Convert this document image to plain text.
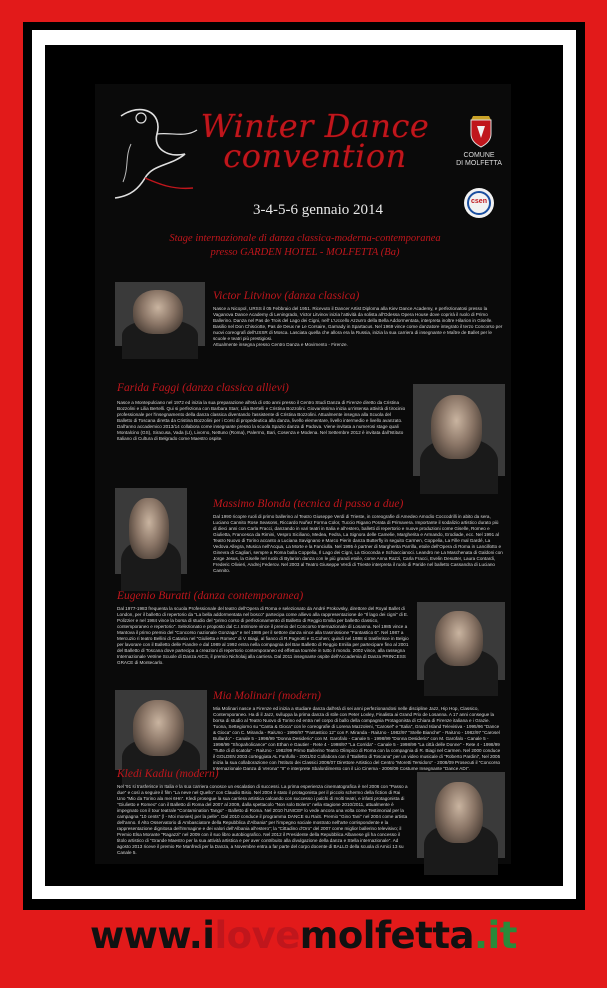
Winter Dance
convention	COMUNE
DI MOLFETTA
3-4-5-6 gennaio 2014
csen
Stage internazionale di danza classica-moderna-contemporanea
presso GARDEN HOTEL - MOLFETTA (Ba)
Victor Litvinov (danza classica)
Nasce a Nicopol, URSS il 05 Febbraio del 1951. Ricevuto il Dancer Artist Diploma alla Kiev Dance Academy, e perfezionatosi presso la Vaganova Dance Academy di Leningrado, Victor Litvinov inizia l'attività da solista all'Odessa Opera House dove coprirà il ruolo di Primo Ballerino. Danza nel Pas de Trois del Lago dei Cigni, nell' L'Uccello Azzurro della Bella Addormentata, interpreta inoltre Hilarion in Giselle. Basilio nel Don Chisciotte, Pas de Deux ne Le Corsaire, Garnady in Spartacus. Nel 1969 vince come danzatore integrato il terzo Concorso per nuovi coreografi dell'USSR di Mosca. Lasciata quella che allora era la Russia, inizia la sua carriera di insegnante e Maître de Ballet per le scuole e teatri più prestigiosi.
Attualmente insegna presso Centro Danza e Movimento - Firenze.
Farida Faggi (danza classica allievi)
Nasce a Montepulciano nel 1972 ed inizia la sua preparazione all'età di otto anni presso il Centro Studi Danza di Firenze diretto da Cristina Bozzolini e Lilia Bertelli. Qui si perfeziona con Barbara Starr, Lilia Bertelli e Cristina Bozzolini. Giovanissima inizia un'intensa attività di tirocinio professionale per l'insegnamento della danza classica diventando l'assistente di Cristina Bozzolini. Attualmente insegna alla Scuola del Balletto di Toscana diretta da Cristina Bozzolini per i Corsi di propedeutica alla danza, livello elementare, livello intermedio e livello avanzato. Dall'anno accademico 2013/14 collabora come insegnante presso la scuola Spazio danza di Padova. Viene invitata a numerosi stage quali Montalcino (GS), Siracusa, Vada (LI), Livorno, Nettuno (Roma), Palermo, Bari, Cosenza e Modena. Nel Settembre 2012 è invitata dall'Istituto Italiano di Cultura di Belgrado come Maestro ospite.
Massimo Blonda (tecnica di passo a due)
Dal 1990 ricopre ruoli di primo ballerino al Teatro Giuseppe Verdi di Trieste, in coreografie di Amedeo Amodio Coccodrilli in abito da sera, Luciano Cannito Rose Seasons, Riccardo Nuñez Forma Color, Tuccio Rigano Porata di Primavera. Importante il sodalizio artistico durato più di dieci anni con Carla Fracci, danzando in vari teatri in Italia e all'estero, balletti di repertorio e nuove produzioni come Giselle, Romeo e Giulietta, Francesca da Rimini, Vespro Siciliano, Medea, Fedra, La Signora delle Camelie, Margherita e Armando, Erodiade, ecc. Nel 1991 al Teatro Nuovo di Torino accanto a Luciana Savignano e Marco Pierin danza Butterfly in seguito Carmen, Coppelia, La Fille mal Gardé, La Vedova Allegra, Musica nell'Acqua, La Morte e la Fanciulla. Nel 1995 è partner di Margherita Parrilla, etoile dell'Opera di Roma in Lancillotto e Ginevra di Cagliari, sempre a Roma balla Coppelia, Il Lago dei Cigni, La Gioconda e Schiaccianoci. Leandro ne La Maschenata di Galdoni con Jorge Jesus, la Giselle nel ruolo di Bylarion danza con le più grandi etoile, come Anna Razzi, Carla Fracci, Evelin Desutter, Laura Contardi, Frederic Olivieri, Andrej Federov. Nel 2003 al Teatro Giuseppe Verdi di Trieste interpreta il ruolo di Paride nel balletto Cassandra di Luciano Cannito.
Eugenio Buratti (danza contemporanea)
Dal 1977-1983 frequenta la scuola Professionale del teatro dell'Opera di Roma e selezionato da André Prokovsky, direttore del Royal Ballet di London, per il balletto di repertorio da "La bella addormentata nel bosco" partecipa come allievo alla rappresentazione de "Il lago dei cigni" di E. Polizzier e nel 1984 vince la borsa di studio del "primo corso di perfezionamento di Balletto di Reggio Emilia per balletto classico, contemporaneo e repertorio". Selezionato e proposto dal C.I.Intrinore vince il premio del Concorso Internazionale di Losanna. Nel 1985 vince a Mantova il primo premio del "Concorso nazionale Gonzaga" e nel 1986 per il settore danza vince alla trasmissione "Fantastico 6". Nel 1987 a Mercuzio ri teatro Bellini di Catania nel "Giulietta e Romeo" di V. Biagi, al fianco di R.Pagnotti e G.Cohen; quindi nel 1988 si trasferisce in Belgio per lavorare con il Balletto delle Fiandre e dal 1989 al 1992 entra nella compagnia del Bav Balletto di Reggio Emilia per partecipare fino al 2001 del Balletto di Toscana dove partecipa a creazioni di repertorio contemporaneo ed effettua tournée in tutto il mondo. 2002 vince, alla rassegna Internazionale Vetrine Scuole di Danza AICS, il premio Nicholaij alla carriera. Dal 2011 insegnante ospite dell'Accademia di Danza PRINCESS GRACE di Montecarlo.
Mia Molinari (modern)
Mia Molinari nasce a Firenze ed inizia a studiare danza dall'età di sei anni perfezionandosi nelle discipline Jazz, Hip Hop, Classico, Contemporaneo. Ha di il Jazz, sviluppa la prima danza di stile con Peter Loxley, Finalista ai Grand Prix de Losanna. A 17 anni consegue la borsa di studio al Teatro Nuovo di Torino ed entra nel corpo di ballo della compagnia Protagonista di Chiara di Firenze italiana e i Grazie. Tuona, Settegiorno su "Canta & Gioca" con le coreografie di Lorena Mazzoleni, "Carosel" e "Italia", Grand Island Televisiva - 1995/96 "Dance & Gioca" con C. Miranda - RaiUno - 1996/97 "Fantastico 12" con F. Miranda - RaiUno - 1982/97 "Stelle Bianche" - RaiUno - 1982/97 "Carosel Bullardo" - Canale 5 - 1998/99 "Donna Desiderio" con M. Garofalo - Canale 5 - 1998/99 "Donna Desiderio" con M. Garofalo - Canale 5 - 1998/99 "Shopaholicance" con Ethan e Gautier - Rete 4 - 1998/97 "La Corrida" - Canale 5 - 1998/99 "La città delle Donne" - Rete 4 - 1998/99 "Tutte di di scatola" - RaiUno - 1982/99 Primo Ballerino Teatro Olimpico di Roma con la compagnia di R. Biagi nel Carmen. Nel 2000 conduce il GOLDEN 2003 corteggiata AL Fanfullo - 2001/02 Collabora con il "Balletto di Toscana" per un video musicale di "Roberto Pardini", Nel 2005 inizia la sua collaborazione con l'Istituto dei Classici 2006/07 Direttore Artistico del Centro "Moretti Tersidoro" - 2008/09 Prosecuti il "Concorso Internazionale Danza di Verona" "II" e interprete Sbalordimento con il Lio Cinema - 2006/09 Costume Insegnante "Dance ADI".
Kledi Kadiu (modern)
Nel '91 si trasferisce in Italia e la sua carriera conosce un escalation di successi. La prima esperienza cinematografica è nel 2006 con "Passo a due" e così a seguire il film "La neve nel Quello" con Claudio Bisio. Nel 2004 è stato il protagonista per il piccolo schermo della fiction di Rai Uno "Mio da Torino ala mei 6Hn". Kledi prosegue la sua carriera artistica calcando con successo i palchi di molti teatri, e infatti protagonista di "Giulietto e Romeo" con il Balletto di Roma del 2007 al 2009, dalla spettacolo "Non solo Bolero" nella stagione 2010/2011, attualmente è impegnato con il tour teatrale "Contamination Tango" - Balletto di Roma. Nel 2010 l'UNICEF lo vede ancora una volta come Testimonial per la campagna "10 cents" (l - Moi monies) per la pelle". Dal 2010 conduce il programma DANCE su RaiS. Premio "Gino Tani" nel 2004 come artista dell'anno. Il Alto Osservatorio di Ambasciatore della Repubblica d'Albania" per l'impegno sociale mostrato nell'arte corrispondente e la rappresentazione dignitosa dell'immagine e dei valori dell'Albania all'estero"; la "Cittadino d'Oro" del 2007 come miglior ballerino televisivo; il Premio Elsa Morante "Ragazzi" nel 2009 con il suo libro autobiografico. Nel 2012 il Presidente della Repubblica Albanese gli ha concesso il titolo artistico di "Grande Maestro per la sua attività artistica e per aver contribuito alla divulgazione della danza e Stella internazionale". Ad agosto 2013 riceve il premio Re Manfredi per la Danza, a Novembre entra a far parte del corpo docente di BALLO della scuola di Amici 13 su Canale 5.
www.ilovemolfetta.it
